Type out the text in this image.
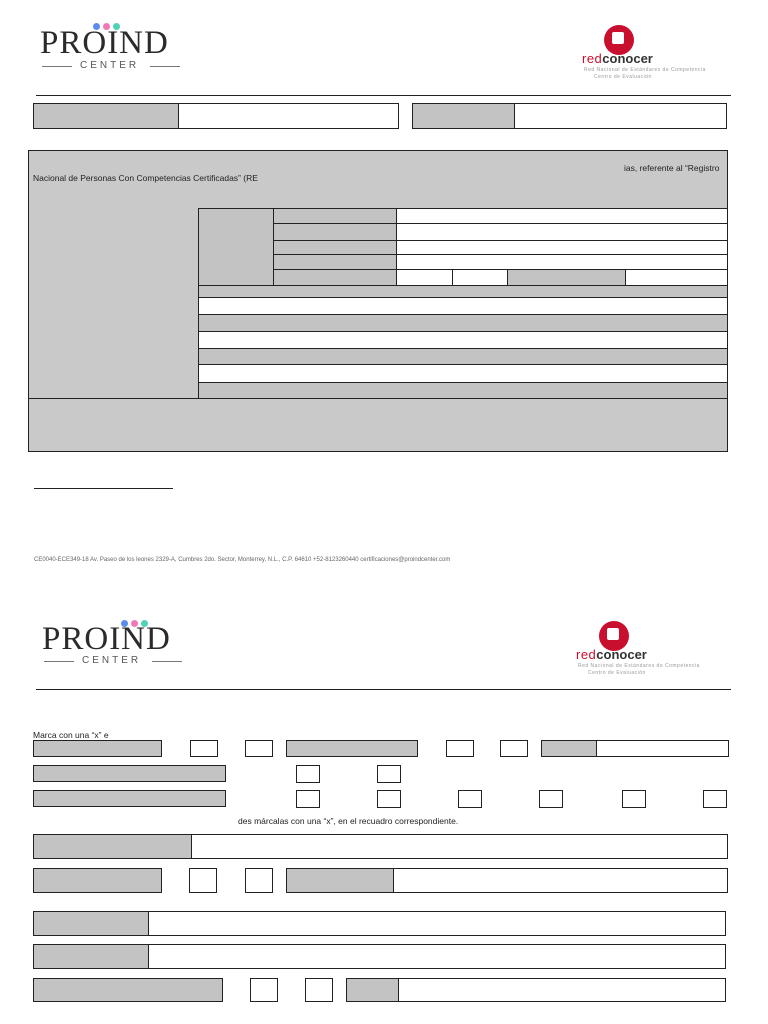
PROIND
CENTER	redconocer
Red Nacional de Estándares de Competencia
Centro de Evaluación
ias, referente al “Registro
Nacional de Personas Con Competencias Certificadas” (RE
CE0040-ECE349-18 Av. Paseo de los leones 2329-A, Cumbres 2do. Sector, Monterrey, N.L., C.P. 64610 +52-8123260440 certificaciones@proindcenter.com
PROIND
CENTER	redconocer
Red Nacional de Estándares de Competencia
Centro de Evaluación
Marca con una “x” e
des márcalas con una “x”, en el recuadro correspondiente.
